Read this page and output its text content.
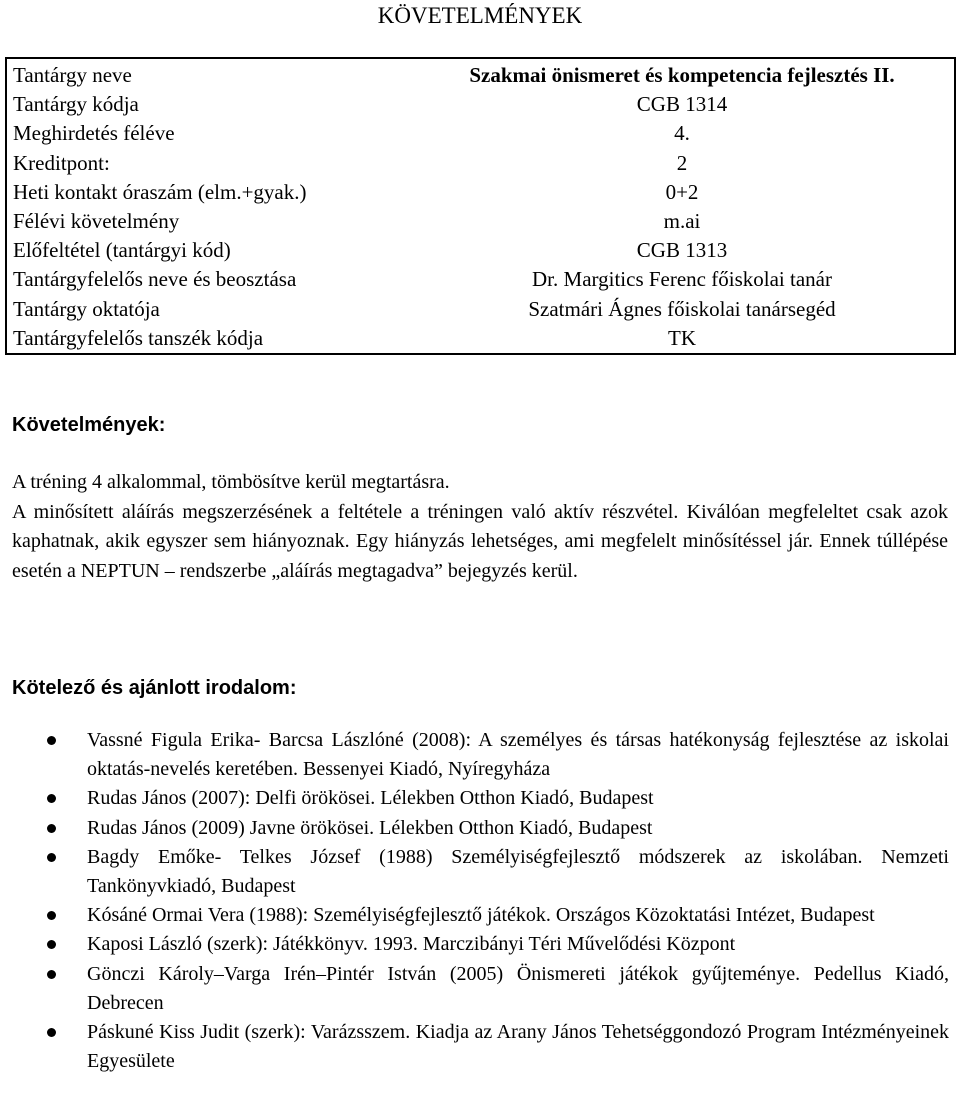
KÖVETELMÉNYEK
Tantárgy neve	Szakmai önismeret és kompetencia fejlesztés II.
Tantárgy kódja	CGB 1314
Meghirdetés féléve	4.
Kreditpont:	2
Heti kontakt óraszám (elm.+gyak.)	0+2
Félévi követelmény	m.ai
Előfeltétel (tantárgyi kód)	CGB 1313
Tantárgyfelelős neve és beosztása	Dr. Margitics Ferenc főiskolai tanár
Tantárgy oktatója	Szatmári Ágnes főiskolai tanársegéd
Tantárgyfelelős tanszék kódja	TK
Követelmények:

A tréning 4 alkalommal, tömbösítve kerül megtartásra.

A minősített aláírás megszerzésének a feltétele a tréningen való aktív részvétel. Kiválóan megfeleltet csak azok kaphatnak, akik egyszer sem hiányoznak. Egy hiányzás lehetséges, ami megfelelt minősítéssel jár. Ennek túllépése esetén a NEPTUN – rendszerbe „aláírás megtagadva” bejegyzés kerül.

Kötelező és ajánlott irodalom:
Vassné Figula Erika- Barcsa Lászlóné (2008): A személyes és társas hatékonyság fejlesztése az iskolai oktatás-nevelés keretében. Bessenyei Kiadó, Nyíregyháza
Rudas János (2007): Delfi örökösei. Lélekben Otthon Kiadó, Budapest
Rudas János (2009) Javne örökösei. Lélekben Otthon Kiadó, Budapest
Bagdy Emőke- Telkes József (1988) Személyiségfejlesztő módszerek az iskolában. Nemzeti Tankönyvkiadó, Budapest
Kósáné Ormai Vera (1988): Személyiségfejlesztő játékok. Országos Közoktatási Intézet, Budapest
Kaposi László (szerk): Játékkönyv. 1993. Marczibányi Téri Művelődési Központ
Gönczi Károly–Varga Irén–Pintér István (2005) Önismereti játékok gyűjteménye. Pedellus Kiadó, Debrecen
Páskuné Kiss Judit (szerk): Varázsszem. Kiadja az Arany János Tehetséggondozó Program Intézményeinek Egyesülete
